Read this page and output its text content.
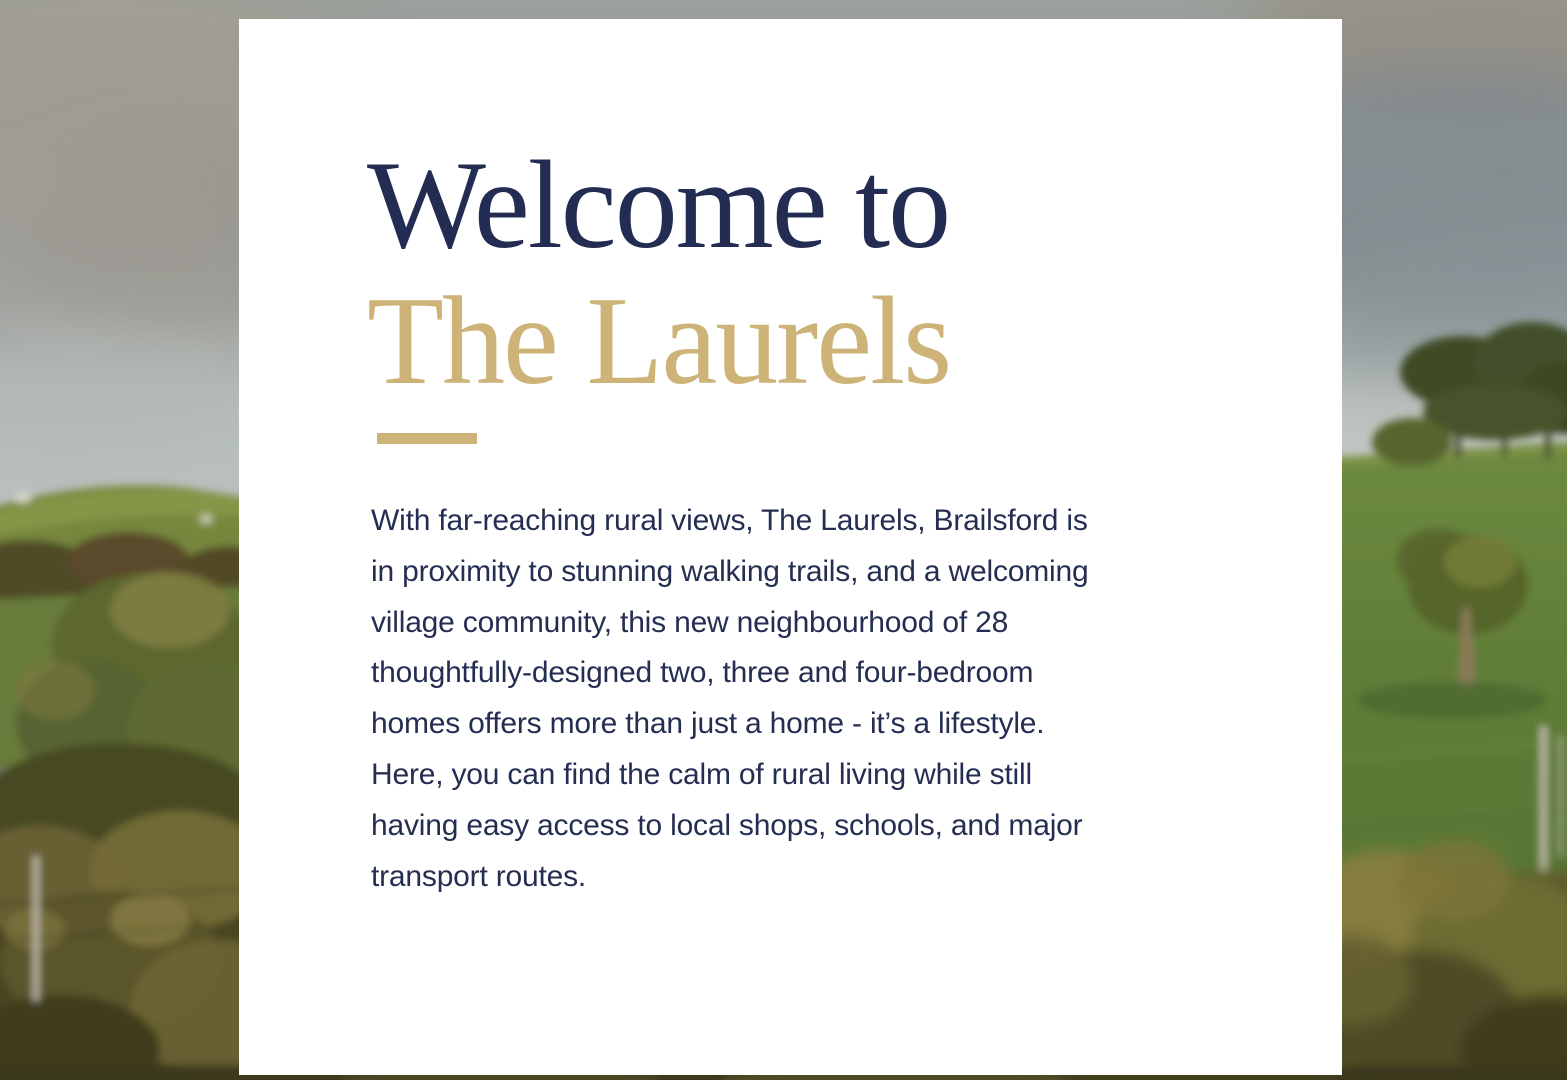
Welcome to
The Laurels

With far-reaching rural views, The Laurels, Brailsford is
in proximity to stunning walking trails, and a welcoming
village community, this new neighbourhood of 28
thoughtfully-designed two, three and four-bedroom
homes offers more than just a home - it’s a lifestyle.
Here, you can find the calm of rural living while still
having easy access to local shops, schools, and major
transport routes.
